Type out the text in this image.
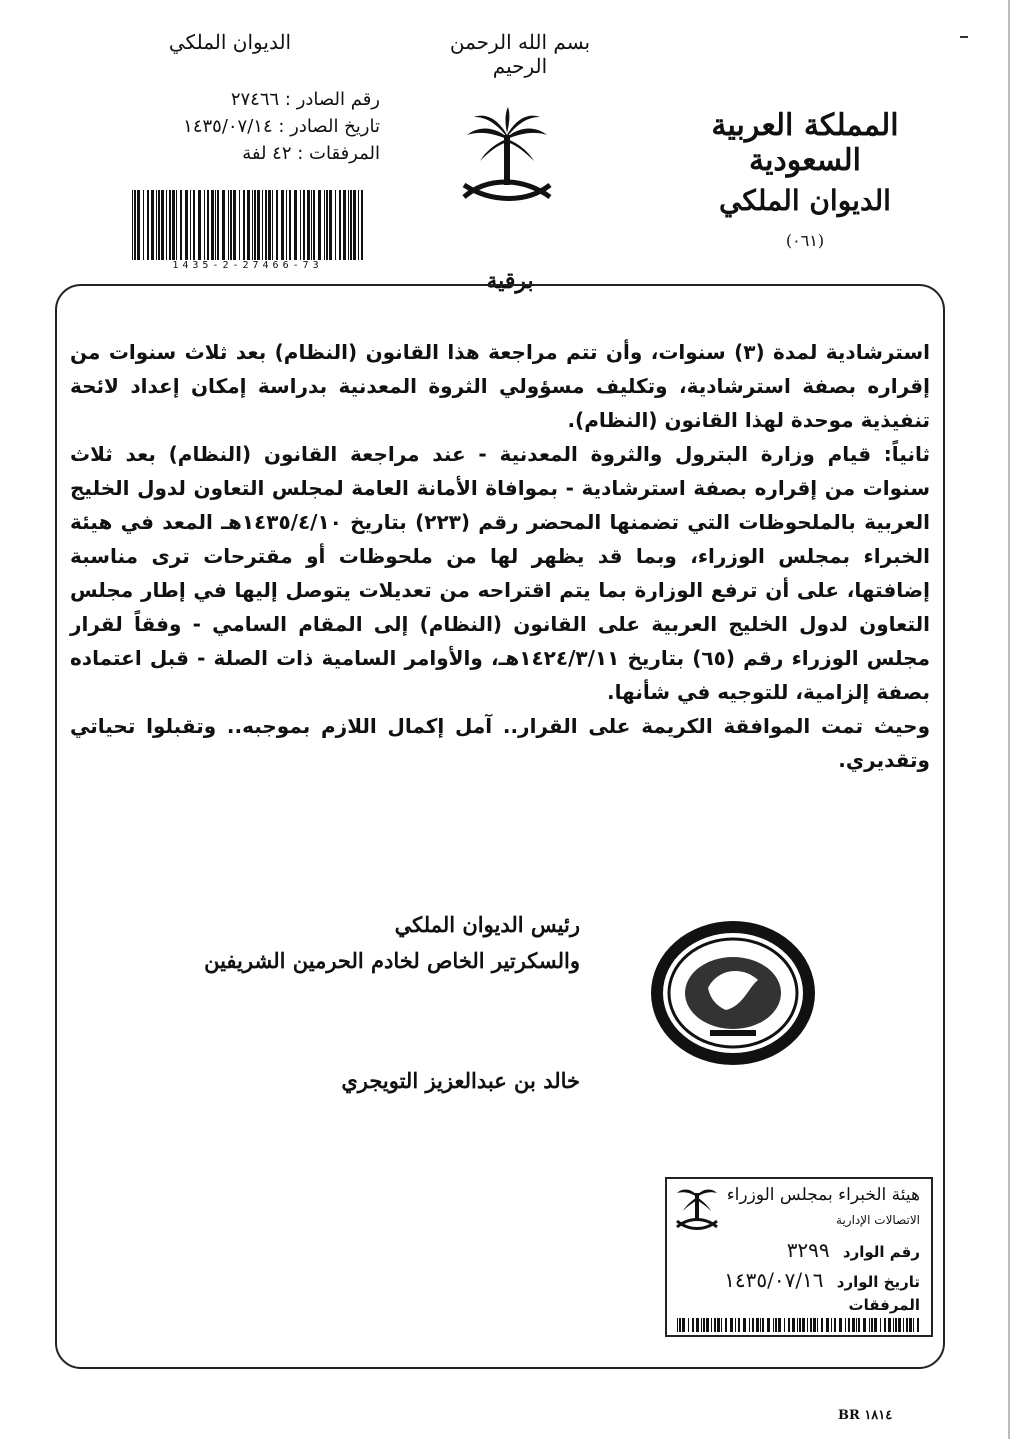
بسم الله الرحمن الرحيم
الديوان الملكي
رقم الصادر : ٢٧٤٦٦
تاريخ الصادر : ١٤٣٥/٠٧/١٤
المرفقات : ٤٢ لفة
المملكة العربية السعودية
الديوان الملكي
(٠٦١)
1435-2-27466-73
برقية

استرشادية لمدة (٣) سنوات، وأن تتم مراجعة هذا القانون (النظام) بعد ثلاث سنوات من إقراره بصفة استرشادية، وتكليف مسؤولي الثروة المعدنية بدراسة إمكان إعداد لائحة تنفيذية موحدة لهذا القانون (النظام).

ثانياً: قيام وزارة البترول والثروة المعدنية - عند مراجعة القانون (النظام) بعد ثلاث سنوات من إقراره بصفة استرشادية - بموافاة الأمانة العامة لمجلس التعاون لدول الخليج العربية بالملحوظات التي تضمنها المحضر رقم (٢٢٣) بتاريخ ١٤٣٥/٤/١٠هـ المعد في هيئة الخبراء بمجلس الوزراء، وبما قد يظهر لها من ملحوظات أو مقترحات ترى مناسبة إضافتها، على أن ترفع الوزارة بما يتم اقتراحه من تعديلات يتوصل إليها في إطار مجلس التعاون لدول الخليج العربية على القانون (النظام) إلى المقام السامي - وفقاً لقرار مجلس الوزراء رقم (٦٥) بتاريخ ١٤٢٤/٣/١١هـ، والأوامر السامية ذات الصلة - قبل اعتماده بصفة إلزامية، للتوجيه في شأنها.

وحيث تمت الموافقة الكريمة على القرار.. آمل إكمال اللازم بموجبه.. وتقبلوا تحياتي وتقديري.

رئيس الديوان الملكي
والسكرتير الخاص لخادم الحرمين الشريفين
خالد بن عبدالعزيز التويجري
هيئة الخبراء بمجلس الوزراء
الاتصالات الإدارية
رقم الوارد ٣٢٩٩
تاريخ الوارد ١٤٣٥/٠٧/١٦
المرفقات
BR ١٨١٤
